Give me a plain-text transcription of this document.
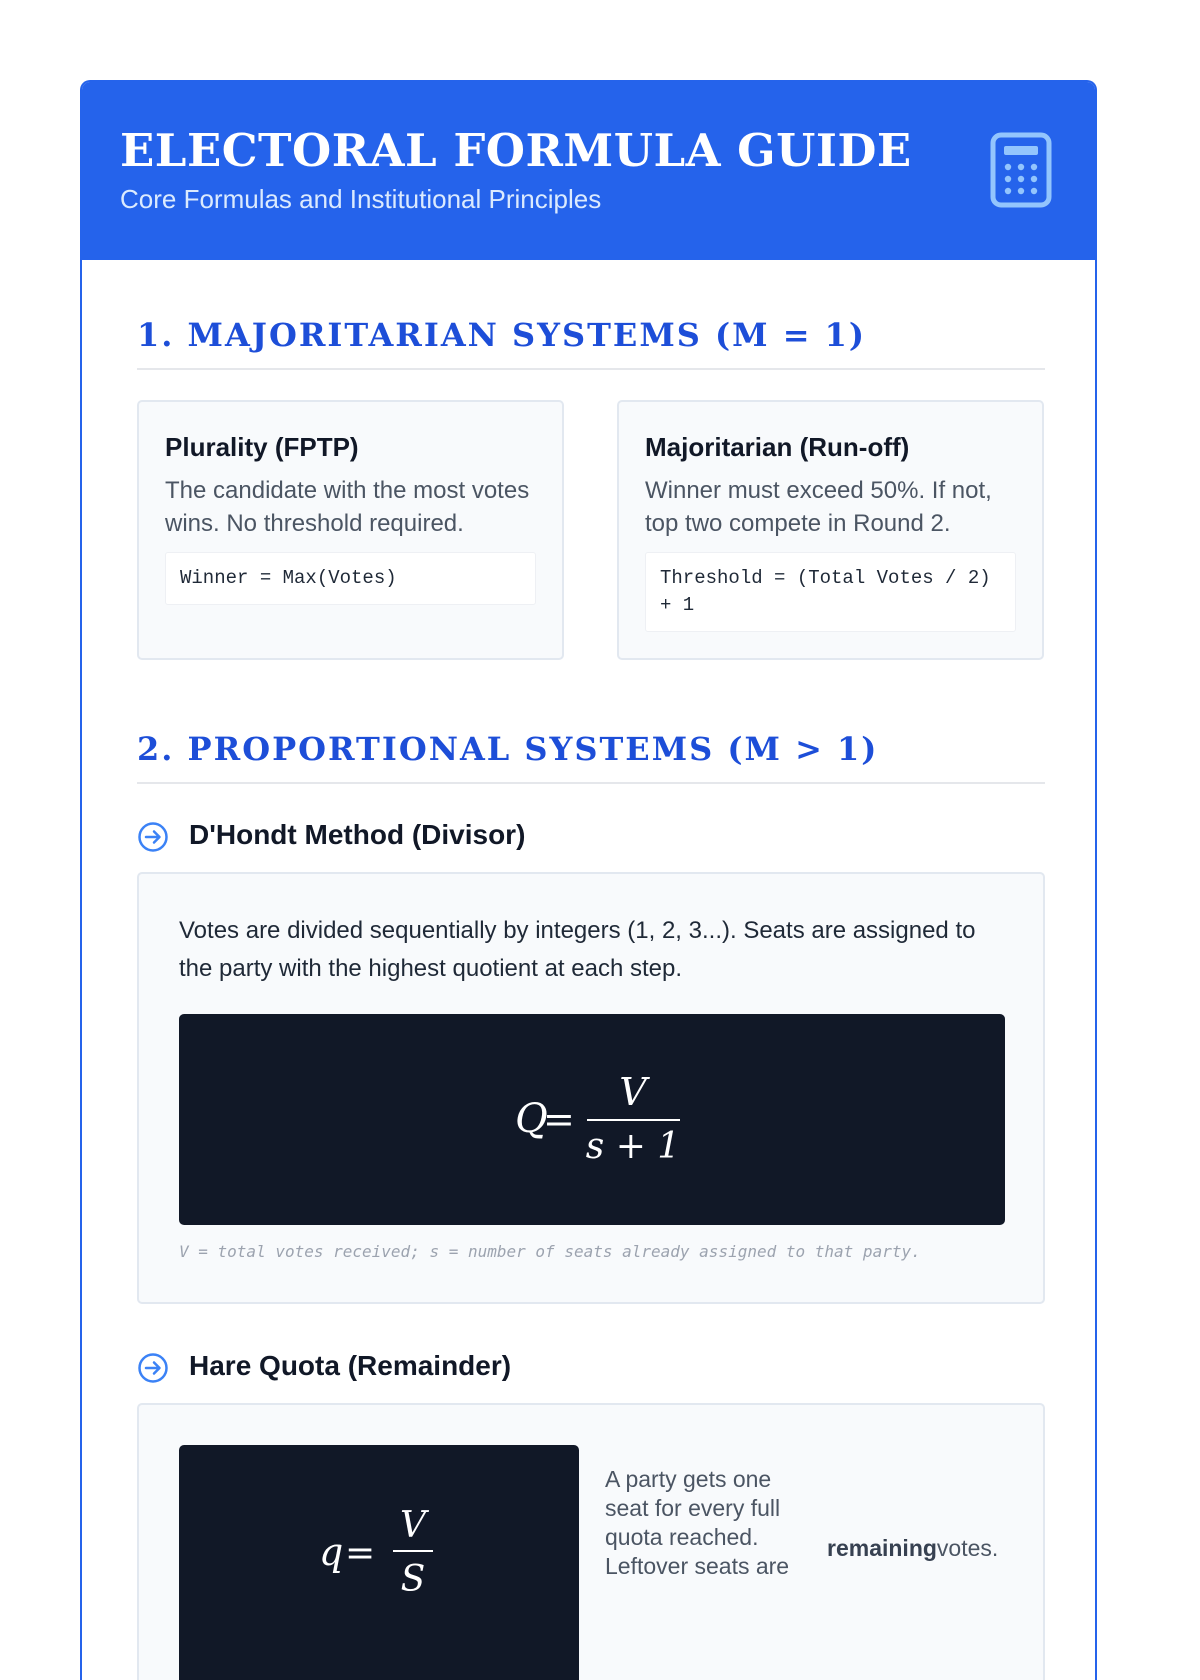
ELECTORAL FORMULA GUIDE
Core Formulas and Institutional Principles
1. MAJORITARIAN SYSTEMS (M = 1)
Plurality (FPTP)
The candidate with the most votes wins. No threshold required.
Winner = Max(Votes)
Majoritarian (Run-off)
Winner must exceed 50%. If not, top two compete in Round 2.
Threshold = (Total Votes / 2) + 1
2. PROPORTIONAL SYSTEMS (M > 1)
D'Hondt Method (Divisor)
Votes are divided sequentially by integers (1, 2, 3...). Seats are assigned to the party with the highest quotient at each step.
Q
=
V
s + 1
V = total votes received; s = number of seats already assigned to that party.
Hare Quota (Remainder)
q =
V
S
A party gets one seat for every full quota reached. Leftover seats are
remainingvotes.
